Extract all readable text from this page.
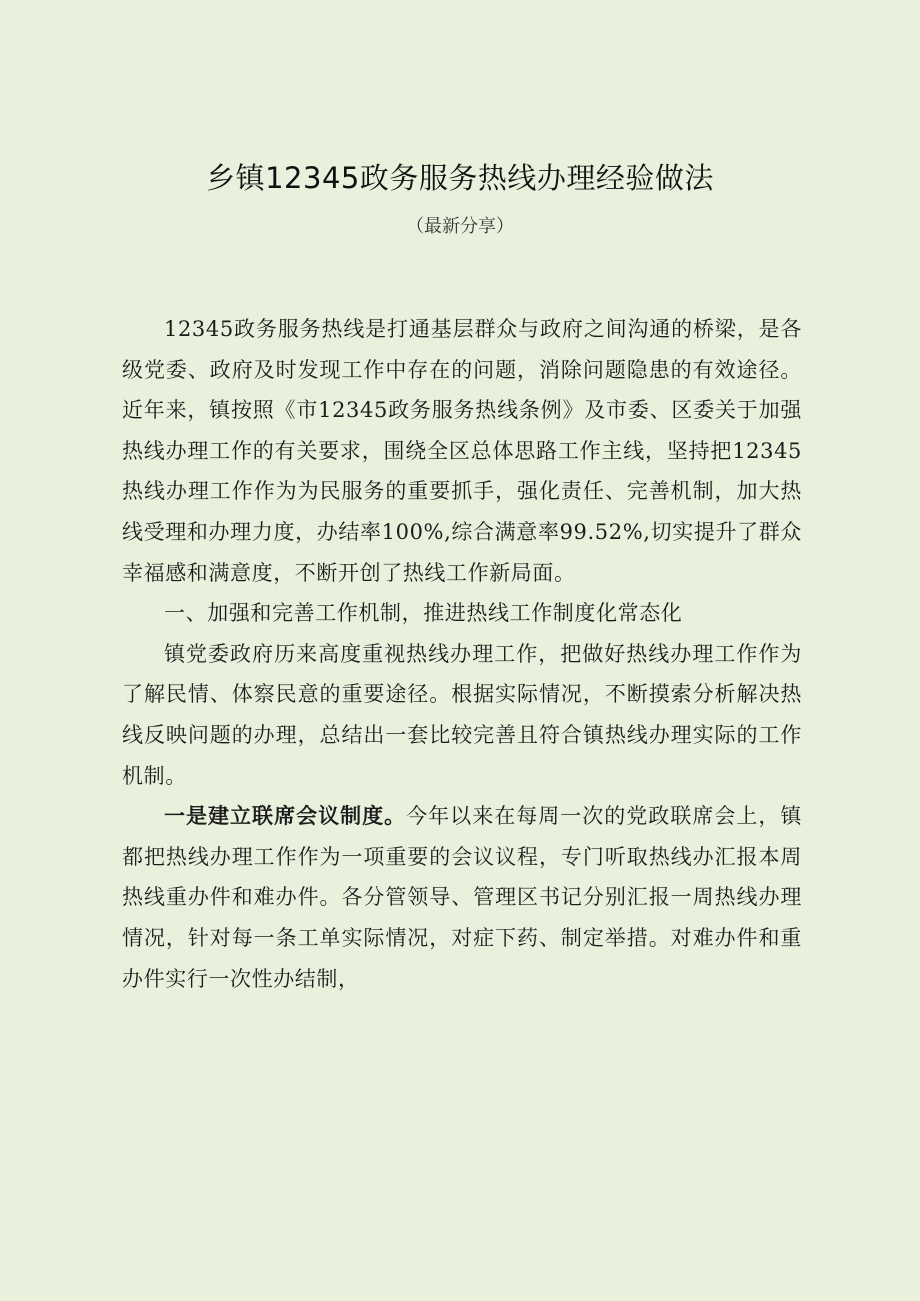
乡镇12345政务服务热线办理经验做法
（最新分享）

12345政务服务热线是打通基层群众与政府之间沟通的桥梁，是各级党委、政府及时发现工作中存在的问题，消除问题隐患的有效途径。近年来，镇按照《市12345政务服务热线条例》及市委、区委关于加强热线办理工作的有关要求，围绕全区总体思路工作主线，坚持把12345热线办理工作作为为民服务的重要抓手，强化责任、完善机制，加大热线受理和办理力度，办结率100%,综合满意率99.52%,切实提升了群众幸福感和满意度，不断开创了热线工作新局面。

一、加强和完善工作机制，推进热线工作制度化常态化

镇党委政府历来高度重视热线办理工作，把做好热线办理工作作为了解民情、体察民意的重要途径。根据实际情况，不断摸索分析解决热线反映问题的办理，总结出一套比较完善且符合镇热线办理实际的工作机制。

一是建立联席会议制度。今年以来在每周一次的党政联席会上，镇都把热线办理工作作为一项重要的会议议程，专门听取热线办汇报本周热线重办件和难办件。各分管领导、管理区书记分别汇报一周热线办理情况，针对每一条工单实际情况，对症下药、制定举措。对难办件和重办件实行一次性办结制，
